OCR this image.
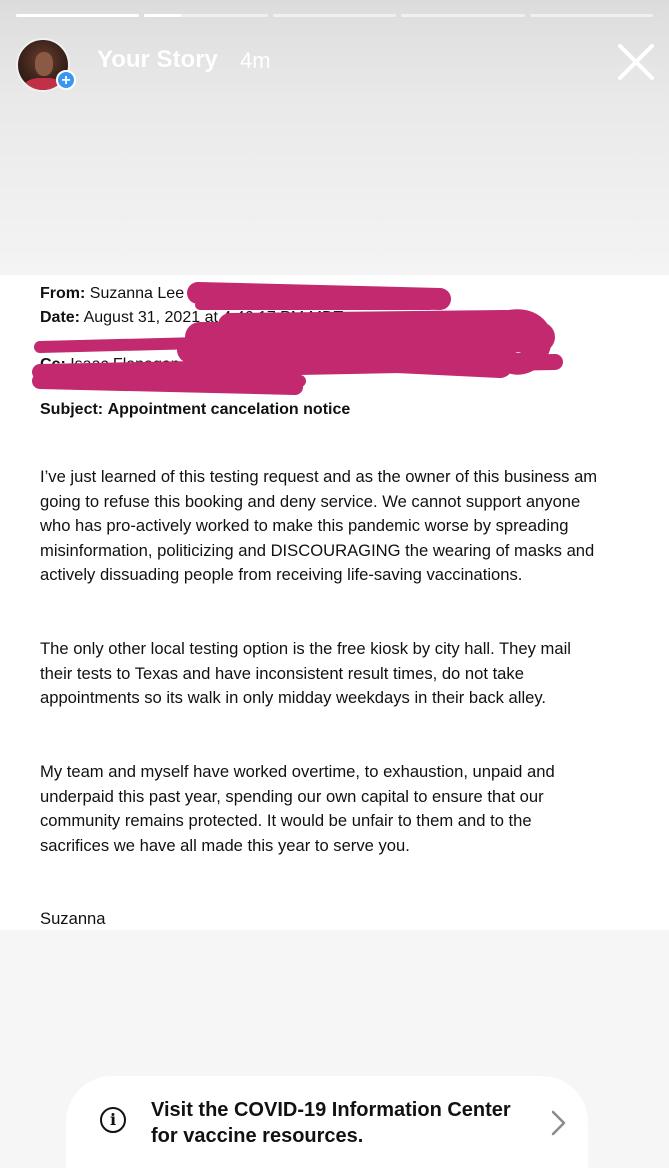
+
Your Story 4m
From: Suzanna Lee <
Date: August 31, 2021 at 4:46:17 PM MDT
Cc: Isaac Flanagan <
Subject: Appointment cancelation notice

I’ve just learned of this testing request and as the owner of this business am going to refuse this booking and deny service. We cannot support anyone who has pro-actively worked to make this pandemic worse by spreading misinformation, politicizing and DISCOURAGING the wearing of masks and actively dissuading people from receiving life-saving vaccinations.

The only other local testing option is the free kiosk by city hall. They mail their tests to Texas and have inconsistent result times, do not take appointments so its walk in only midday weekdays in their back alley.

My team and myself have worked overtime, to exhaustion, unpaid and underpaid this past year, spending our own capital to ensure that our community remains protected. It would be unfair to them and to the sacrifices we have all made this year to serve you.

Suzanna

i	Visit the COVID-19 Information Center for vaccine resources.
